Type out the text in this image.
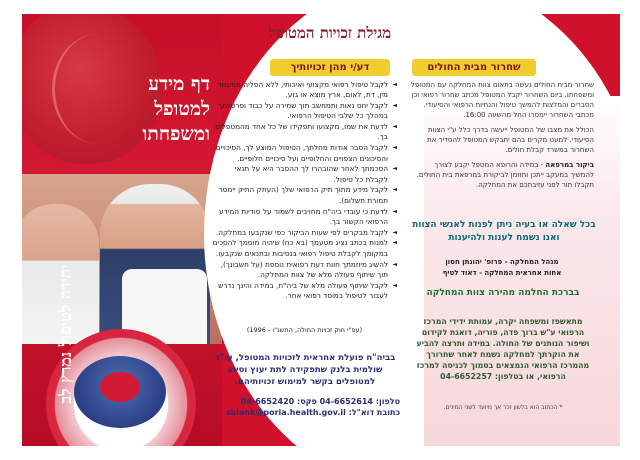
דף מידע
למטופל
ומשפחתו
יחידה לטיפול נמרץ לב
מגילת זכויות המטופל
דע/י מהן זכויותיך	שחרור מבית החולים
◄ לקבל טיפול רפואי מקצועי ואיכותי, ללא הפליה ממעמד מין, דת, לאום, ארץ מוצא או גזע.
◄ לקבל יחס נאות ותמחשב תוך שמירה על כבוד ופרטיותך במהלך כל שלבי הטיפול הרפואי.
◄ לדעת את שמו, מקצועו ותפקידו של כל אחד מהמטפלים בך.
◄ לקבל הסבר אודות מחלתך, הטיפול המוצע לך, הסיכויים והסיכונים הצפויים והחלופיים ועל סיכויים חלופיים.
◄ הסכמתך לאחר שהובהרו לך ההסבר היא על תנאי לקבלת כל טיפול.
◄ לקבל מידע מתוך תיק הרפואי שלך (העתק התיק יימסר תמורת תשלום).
◄ לדעת כי עובדי ביה"ח מחויבים לשמור על סודיות המידע הרפואי הקשור בך.
◄ לקבל מבקרים לפי שעות הביקור כפי שנקבעו במחלקה.
◄ למנות בכתב נציג מטעמך (בא כח) שיהיה מוסמך להסכים במקומך לקבלת טיפול רפואי בנסיבות ובתנאים שנקבעו.
◄ להשיג מיוזמתך חוות דעת רפואית נוספת (על חשבונך), תוך שיתוף פעולה מלא של צוות המחלקה.
◄ לקבל שיתוף פעולה מלא של ביה"ח, במידה והינך נדרש לעבור לטיפול במוסד רפואי אחר.
(עפ"י חוק זכויות החולה, התשנ"ו - 1996)
בביה"ח פועלת אחראית לזכויות המטופל, עו"ד שולמית בלנק שתפקידה לתת יעוץ וסיוע למטופלים בקשר למימוש זכויותיהם.
טלפון: 04-6652614 פקס: 04-6652420
כתובת דוא"ל: sblank@poria.health.gov.il

שחרור מבית החולים נעשה בתאום צוות המחלקה עם המטופל ומשפחתו. ביום השחרור יקבל המטופל מכתב שחרור רפואי וכן הסברים והמלצות להמשך טיפול והנחיות הרפואי והסיעודי. מכתבי השחרור יימסרו החל מהשעה 16:00.

הכולל את מצבו של המטופל ייעשה בדרך כלל ע"י הצוות הסיעודי. למעט מקרים בהם יתבקש המטופל להסדיר את השחרור במשרד קבלת חולים.

ביקור במרפאה - במידה והרופא המטפל יקבע לצורך להמשיך במעקב ייתכן ותוזמן לביקורת במרפאת בית החולים. תקבלו תור לפני עזיבתכם את המחלקה.

בכל שאלה או בעיה ניתן לפנות לאנשי הצוות ואנו נשמח לענות ולהיענות
מנהל המחלקה - פרופ' יהונתן חסון
אחות אחראית המחלקה - דאוד לטיף
בברכת החלמה מהירה צוות המחלקה
מתאשפז ומשפחה יקרה, עמותת ידידי המרכז הרפואי ע"ש ברוך פדה, פוריה, דואגת לקידום ושיפור הנותנים של החולה. במידה ותרצה להביע את הוקרתך למחלקה נשמח לאחר שחרורך מהמרכז הרפואי הנמצאים בסמוך לכניסה למרכז הרפואי, או בטלפון: 04-6652257
* הכתוב הוא בלשון זכר אך מיועד לשני המינים.
